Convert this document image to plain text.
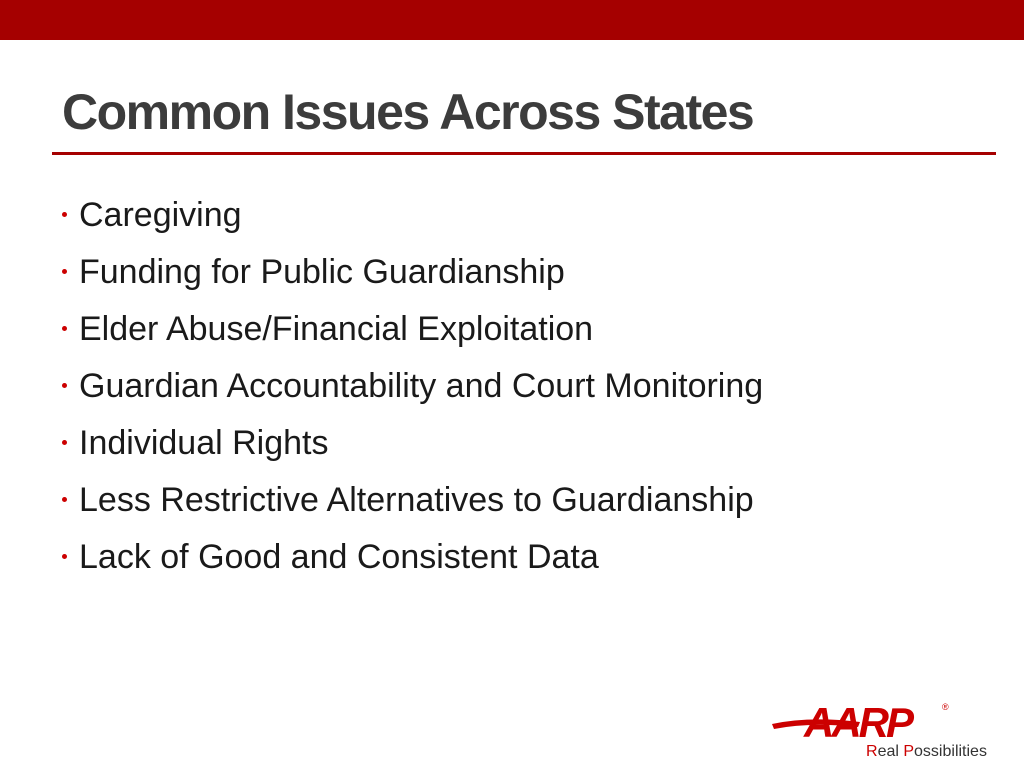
Common Issues Across States
Caregiving
Funding for Public Guardianship
Elder Abuse/Financial Exploitation
Guardian Accountability and Court Monitoring
Individual Rights
Less Restrictive Alternatives to Guardianship
Lack of Good and Consistent Data
AARP	®
Real Possibilities
